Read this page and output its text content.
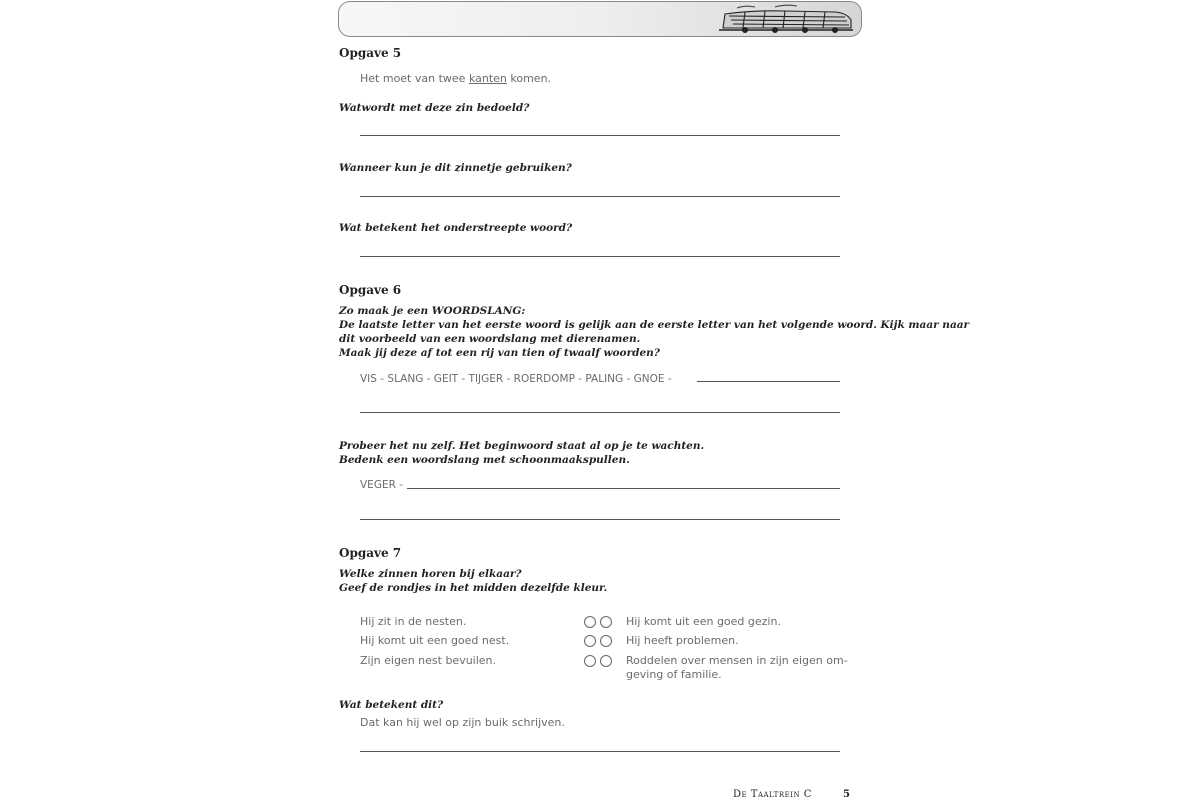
Opgave 5
Het moet van twee kanten komen.
Watwordt met deze zin bedoeld?
Wanneer kun je dit zinnetje gebruiken?
Wat betekent het onderstreepte woord?
Opgave 6
Zo maak je een WOORDSLANG:
De laatste letter van het eerste woord is gelijk aan de eerste letter van het volgende woord. Kijk maar naar
dit voorbeeld van een woordslang met dierenamen.
Maak jij deze af tot een rij van tien of twaalf woorden?
VIS - SLANG - GEIT - TIJGER - ROERDOMP - PALING - GNOE -
Probeer het nu zelf. Het beginwoord staat al op je te wachten.
Bedenk een woordslang met schoonmaakspullen.
VEGER -
Opgave 7
Welke zinnen horen bij elkaar?
Geef de rondjes in het midden dezelfde kleur.
Hij zit in de nesten.
Hij komt uit een goed nest.
Zijn eigen nest bevuilen.
Hij komt uit een goed gezin.
Hij heeft problemen.
Roddelen over mensen in zijn eigen om-
geving of familie.
Wat betekent dit?
Dat kan hij wel op zijn buik schrijven.
De Taaltrein C	5
